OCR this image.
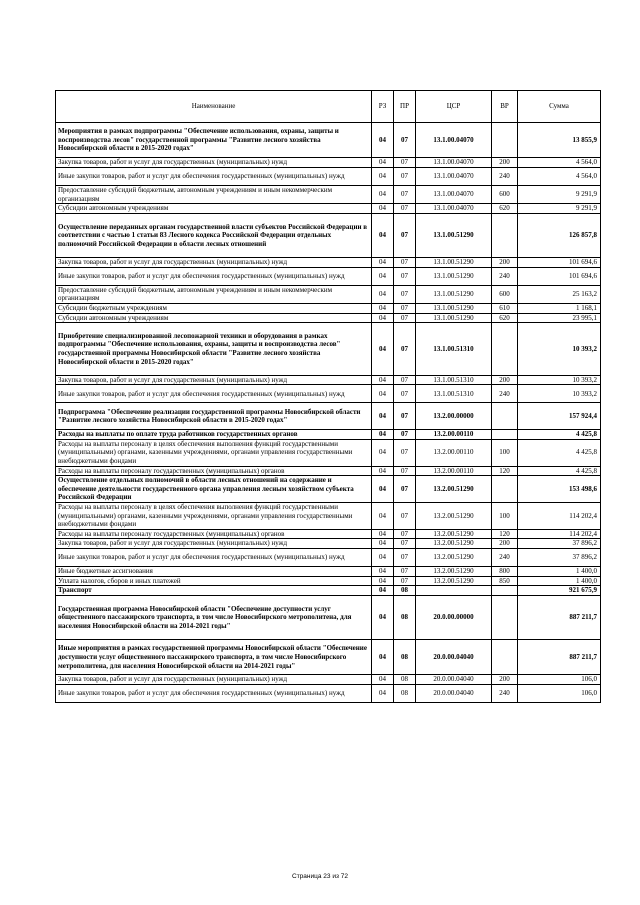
Наименование	РЗ	ПР	ЦСР	ВР	Сумма
Мероприятия в рамках подпрограммы "Обеспечение использования, охраны, защиты и воспроизводства лесов" государственной программы "Развитие лесного хозяйства Новосибирской области в 2015-2020 годах"	04	07	13.1.00.04070		13 855,9
Закупка товаров, работ и услуг для государственных (муниципальных) нужд	04	07	13.1.00.04070	200	4 564,0
Иные закупки товаров, работ и услуг для обеспечения государственных (муниципальных) нужд	04	07	13.1.00.04070	240	4 564,0
Предоставление субсидий бюджетным, автономным учреждениям и иным некоммерческим организациям	04	07	13.1.00.04070	600	9 291,9
Субсидии автономным учреждениям	04	07	13.1.00.04070	620	9 291,9
Осуществление переданных органам государственной власти субъектов Российской Федерации в соответствии с частью 1 статьи 83 Лесного кодекса Российской Федерации отдельных полномочий Российской Федерации в области лесных отношений	04	07	13.1.00.51290		126 857,8
Закупка товаров, работ и услуг для государственных (муниципальных) нужд	04	07	13.1.00.51290	200	101 694,6
Иные закупки товаров, работ и услуг для обеспечения государственных (муниципальных) нужд	04	07	13.1.00.51290	240	101 694,6
Предоставление субсидий бюджетным, автономным учреждениям и иным некоммерческим организациям	04	07	13.1.00.51290	600	25 163,2
Субсидии бюджетным учреждениям	04	07	13.1.00.51290	610	1 168,1
Субсидии автономным учреждениям	04	07	13.1.00.51290	620	23 995,1
Приобретение специализированной лесопожарной техники и оборудования в рамках подпрограммы "Обеспечение использования, охраны, защиты и воспроизводства лесов" государственной программы Новосибирской области "Развитие лесного хозяйства Новосибирской области в 2015-2020 годах"	04	07	13.1.00.51310		10 393,2
Закупка товаров, работ и услуг для государственных (муниципальных) нужд	04	07	13.1.00.51310	200	10 393,2
Иные закупки товаров, работ и услуг для обеспечения государственных (муниципальных) нужд	04	07	13.1.00.51310	240	10 393,2
Подпрограмма "Обеспечение реализации государственной программы Новосибирской области "Развитие лесного хозяйства Новосибирской области в 2015-2020 годах"	04	07	13.2.00.00000		157 924,4
Расходы на выплаты по оплате труда работников государственных органов	04	07	13.2.00.00110		4 425,8
Расходы на выплаты персоналу в целях обеспечения выполнения функций государственными (муниципальными) органами, казенными учреждениями, органами управления государственными внебюджетными фондами	04	07	13.2.00.00110	100	4 425,8
Расходы на выплаты персоналу государственных (муниципальных) органов	04	07	13.2.00.00110	120	4 425,8
Осуществление отдельных полномочий в области лесных отношений на содержание и обеспечение деятельности государственного органа управления лесным хозяйством субъекта Российской Федерации	04	07	13.2.00.51290		153 498,6
Расходы на выплаты персоналу в целях обеспечения выполнения функций государственными (муниципальными) органами, казенными учреждениями, органами управления государственными внебюджетными фондами	04	07	13.2.00.51290	100	114 202,4
Расходы на выплаты персоналу государственных (муниципальных) органов	04	07	13.2.00.51290	120	114 202,4
Закупка товаров, работ и услуг для государственных (муниципальных) нужд	04	07	13.2.00.51290	200	37 896,2
Иные закупки товаров, работ и услуг для обеспечения государственных (муниципальных) нужд	04	07	13.2.00.51290	240	37 896,2
Иные бюджетные ассигнования	04	07	13.2.00.51290	800	1 400,0
Уплата налогов, сборов и иных платежей	04	07	13.2.00.51290	850	1 400,0
Транспорт	04	08			921 675,9
Государственная программа Новосибирской области "Обеспечение доступности услуг общественного пассажирского транспорта, в том числе Новосибирского метрополитена, для населения Новосибирской области на 2014-2021 годы"	04	08	20.0.00.00000		887 211,7
Иные мероприятия в рамках государственной программы Новосибирской области "Обеспечение доступности услуг общественного пассажирского транспорта, в том числе Новосибирского метрополитена, для населения Новосибирской области на 2014-2021 годы"	04	08	20.0.00.04040		887 211,7
Закупка товаров, работ и услуг для государственных (муниципальных) нужд	04	08	20.0.00.04040	200	106,0
Иные закупки товаров, работ и услуг для обеспечения государственных (муниципальных) нужд	04	08	20.0.00.04040	240	106,0
Страница 23 из 72
